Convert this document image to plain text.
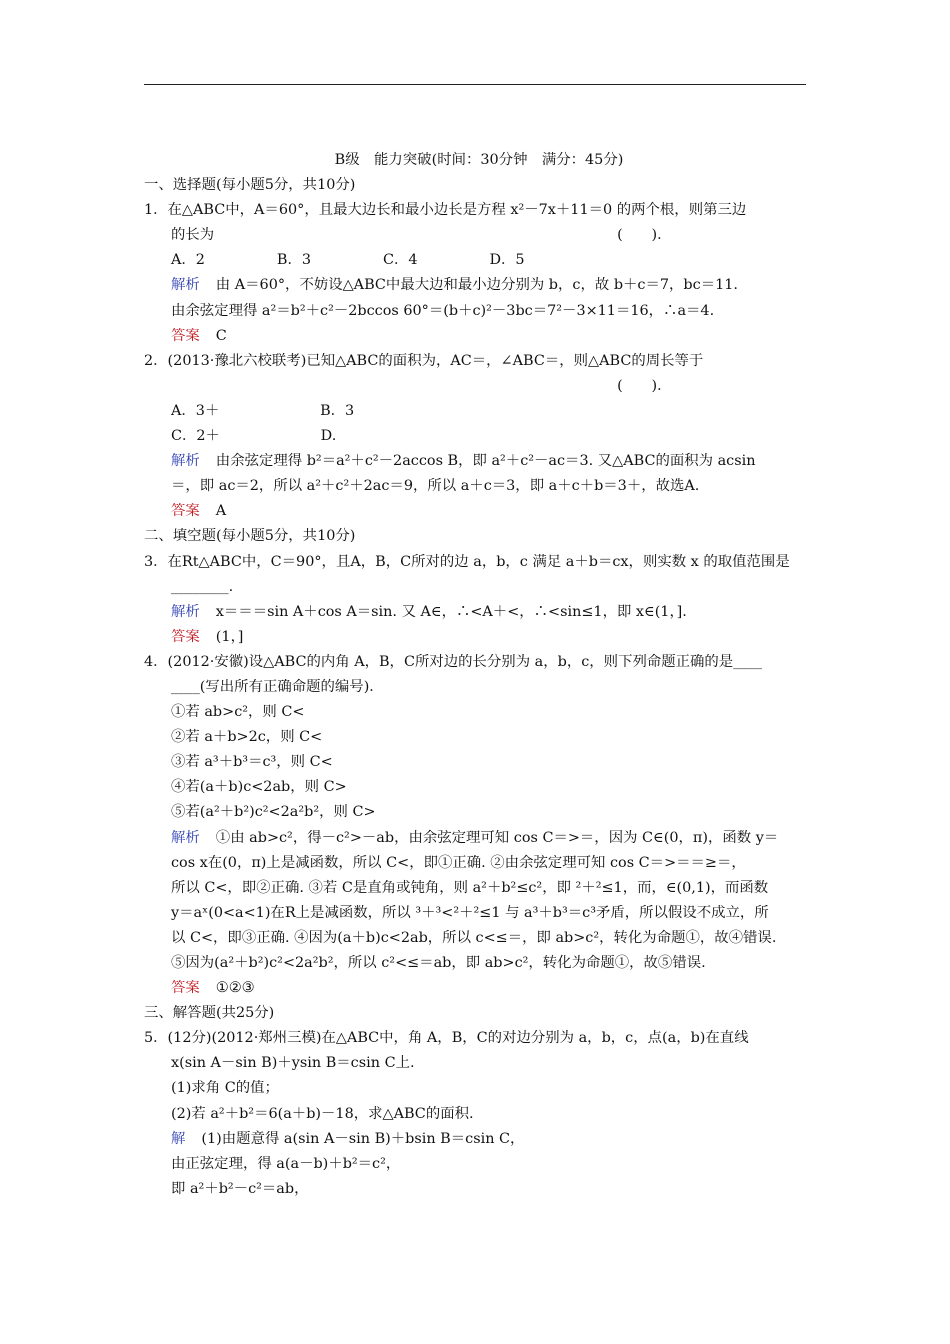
B级　能力突破(时间：30分钟　满分：45分)
一、选择题(每小题5分，共10分)
1．在△ABC中，A＝60°，且最大边长和最小边长是方程 x²－7x＋11＝0 的两个根，则第三边
的长为　　　　　　　　　　　　　　　　　　　　　　　　　　　　(　　)．
A．2　　　　　B．3　　　　　C．4　　　　　D．5
解析 由 A＝60°，不妨设△ABC中最大边和最小边分别为 b，c，故 b＋c＝7，bc＝11.
由余弦定理得 a²＝b²＋c²－2bccos 60°＝(b＋c)²－3bc＝7²－3×11＝16，∴a＝4.
答案 C
2．(2013·豫北六校联考)已知△ABC的面积为，AC＝，∠ABC＝，则△ABC的周长等于
　　　　　　　　　　　　　　　　　　　　　　　　　　　　　　　(　　)．
A．3＋　　　　　　　B．3
C．2＋　　　　　　　D.
解析 由余弦定理得 b²＝a²＋c²－2accos B，即 a²＋c²－ac＝3. 又△ABC的面积为 acsin
＝，即 ac＝2，所以 a²＋c²＋2ac＝9，所以 a＋c＝3，即 a＋c＋b＝3＋，故选A.
答案 A
二、填空题(每小题5分，共10分)
3．在Rt△ABC中，C＝90°，且A，B，C所对的边 a，b，c 满足 a＋b＝cx，则实数 x 的取值范围是
________.
解析 x＝＝＝sin A＋cos A＝sin. 又 A∈，∴<A＋<，∴<sin≤1，即 x∈(1，].
答案 (1，]
4．(2012·安徽)设△ABC的内角 A，B，C所对边的长分别为 a，b，c，则下列命题正确的是____
____(写出所有正确命题的编号)．
①若 ab>c²，则 C<
②若 a＋b>2c，则 C<
③若 a³＋b³＝c³，则 C<
④若(a＋b)c<2ab，则 C>
⑤若(a²＋b²)c²<2a²b²，则 C>
解析 ①由 ab>c²，得－c²>－ab，由余弦定理可知 cos C＝>＝，因为 C∈(0，π)，函数 y＝
cos x在(0，π)上是减函数，所以 C<，即①正确. ②由余弦定理可知 cos C＝>＝＝≥＝，
所以 C<，即②正确. ③若 C是直角或钝角，则 a²＋b²≤c²，即 ²＋²≤1，而，∈(0,1)，而函数
y＝aˣ(0<a<1)在R上是减函数，所以 ³＋³<²＋²≤1 与 a³＋b³＝c³矛盾，所以假设不成立，所
以 C<，即③正确. ④因为(a＋b)c<2ab，所以 c<≤＝，即 ab>c²，转化为命题①，故④错误.
⑤因为(a²＋b²)c²<2a²b²，所以 c²<≤＝ab，即 ab>c²，转化为命题①，故⑤错误.
答案 ①②③
三、解答题(共25分)
5．(12分)(2012·郑州三模)在△ABC中，角 A，B，C的对边分别为 a，b，c，点(a，b)在直线
x(sin A－sin B)＋ysin B＝csin C上.
(1)求角 C的值；
(2)若 a²＋b²＝6(a＋b)－18，求△ABC的面积.
解 (1)由题意得 a(sin A－sin B)＋bsin B＝csin C，
由正弦定理，得 a(a－b)＋b²＝c²，
即 a²＋b²－c²＝ab，
